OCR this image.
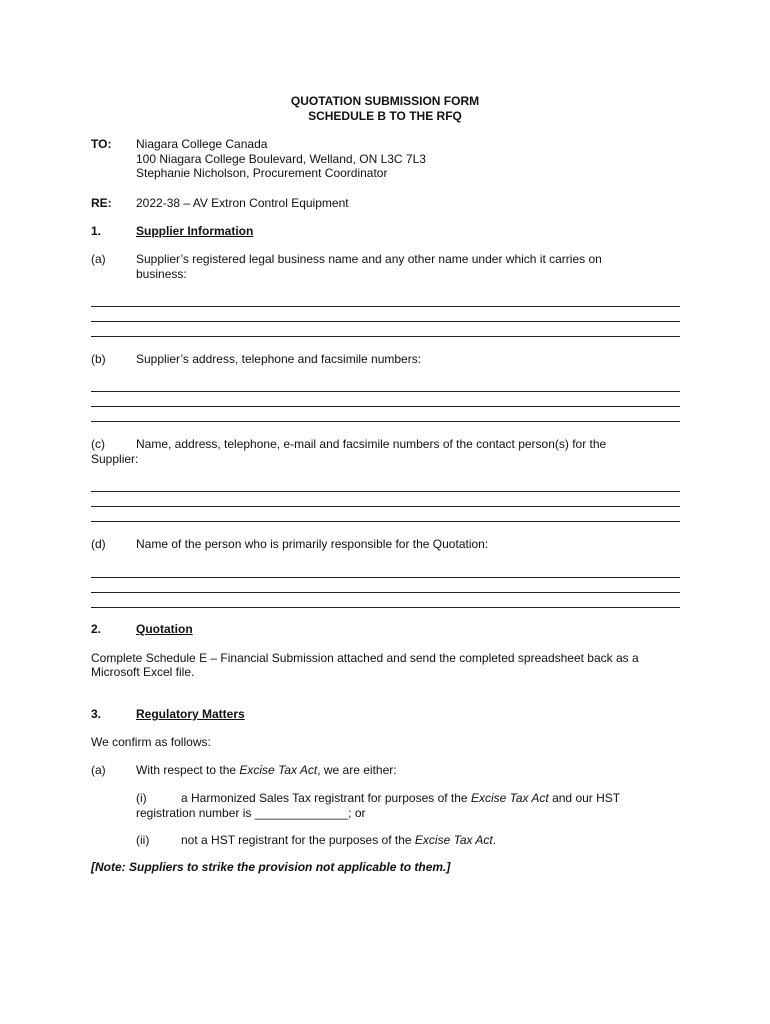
QUOTATION SUBMISSION FORM
SCHEDULE B TO THE RFQ
TO: Niagara College Canada
100 Niagara College Boulevard, Welland, ON L3C 7L3
Stephanie Nicholson, Procurement Coordinator
RE: 2022-38 – AV Extron Control Equipment
1.	Supplier Information
(a)	Supplier’s registered legal business name and any other name under which it carries on
business:
(b)	Supplier’s address, telephone and facsimile numbers:
(c)	Name, address, telephone, e-mail and facsimile numbers of the contact person(s) for the
Supplier:
(d)	Name of the person who is primarily responsible for the Quotation:
2.	Quotation
Complete Schedule E – Financial Submission attached and send the completed spreadsheet back as a
Microsoft Excel file.
3.	Regulatory Matters
We confirm as follows:
(a)	With respect to the Excise Tax Act, we are either:
(i)	a Harmonized Sales Tax registrant for purposes of the Excise Tax Act and our HST
registration number is ______________; or
(ii)	not a HST registrant for the purposes of the Excise Tax Act.
[Note: Suppliers to strike the provision not applicable to them.]
